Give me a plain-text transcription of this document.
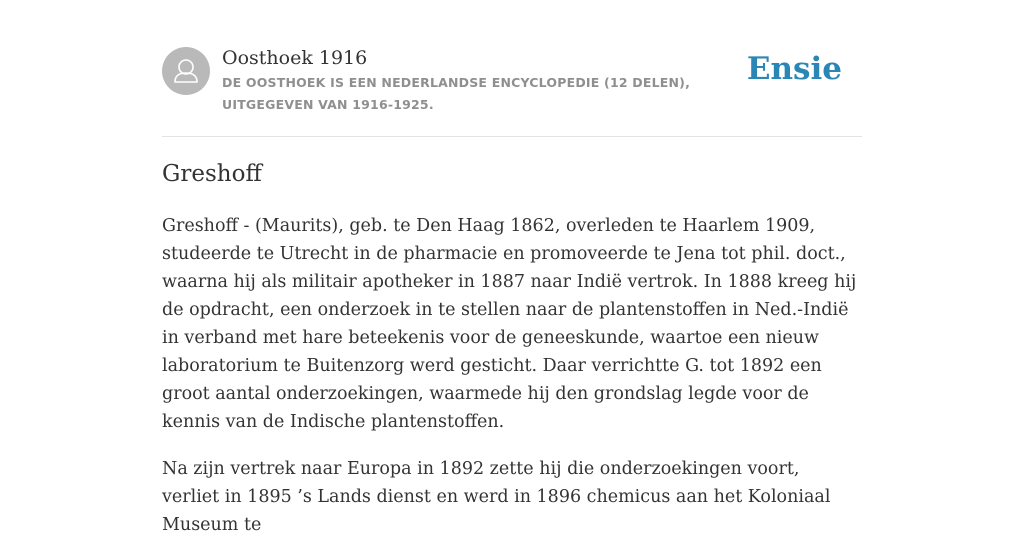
Oosthoek 1916
DE OOSTHOEK IS EEN NEDERLANDSE ENCYCLOPEDIE (12 DELEN), UITGEGEVEN VAN 1916-1925.
Ensie
Greshoff

Greshoff - (Maurits), geb. te Den Haag 1862, overleden te Haarlem 1909, studeerde te Utrecht in de pharmacie en promoveerde te Jena tot phil. doct., waarna hij als militair apotheker in 1887 naar Indië vertrok. In 1888 kreeg hij de opdracht, een onderzoek in te stellen naar de plantenstoffen in Ned.-Indië in verband met hare beteekenis voor de geneeskunde, waartoe een nieuw laboratorium te Buitenzorg werd gesticht. Daar verrichtte G. tot 1892 een groot aantal onderzoekingen, waarmede hij den grondslag legde voor de kennis van de Indische plantenstoffen.

Na zijn vertrek naar Europa in 1892 zette hij die onderzoekingen voort, verliet in 1895 ’s Lands dienst en werd in 1896 chemicus aan het Koloniaal Museum te
